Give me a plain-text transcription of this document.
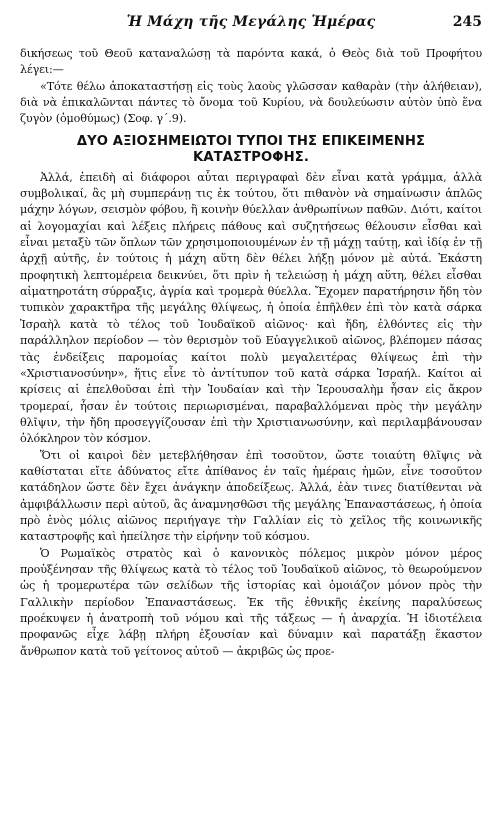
Ἡ Μάχη τῆς Μεγάλης Ἡμέρας	245

δικήσεως τοῦ Θεοῦ καταναλώσῃ τὰ παρόντα κακά, ὁ Θεὸς διὰ τοῦ Προφήτου λέγει:—

«Τότε θέλω ἀποκαταστήσῃ εἰς τοὺς λαοὺς γλῶσσαν καθαρὰν (τὴν ἀλήθειαν), διὰ νὰ ἐπικαλῶνται πάντες τὸ ὄνομα τοῦ Κυρίου, νὰ δουλεύωσιν αὐτὸν ὑπὸ ἕνα ζυγὸν (ὁμοθύμως) (Σοφ. γ΄.9).

ΔΥΟ ΑΞΙΟΣΗΜΕΙΩΤΟΙ ΤΥΠΟΙ ΤΗΣ ΕΠΙΚΕΙΜΕΝΗΣ ΚΑΤΑΣΤΡΟΦΗΣ.

Ἀλλά, ἐπειδὴ αἱ διάφοροι αὗται περιγραφαὶ δὲν εἶναι κατὰ γράμμα, ἀλλὰ συμβολικαί, ἂς μὴ συμπεράνῃ τις ἐκ τούτου, ὅτι πιθανὸν νὰ σημαίνωσιν ἁπλῶς μάχην λόγων, σεισμὸν φόβου, ἢ κοινὴν θύελλαν ἀνθρωπίνων παθῶν. Διότι, καίτοι αἱ λογομαχίαι καὶ λέξεις πλήρεις πάθους καὶ συζητήσεως θέλουσιν εἶσθαι καὶ εἶναι μεταξὺ τῶν ὅπλων τῶν χρησιμοποιουμένων ἐν τῇ μάχῃ ταύτῃ, καὶ ἰδίᾳ ἐν τῇ ἀρχῇ αὐτῆς, ἐν τούτοις ἡ μάχη αὕτη δὲν θέλει λήξῃ μόνον μὲ αὐτά. Ἑκάστη προφητικὴ λεπτομέρεια δεικνύει, ὅτι πρὶν ἡ τελειώσῃ ἡ μάχη αὕτη, θέλει εἶσθαι αἱματηροτάτη σύρραξις, ἀγρία καὶ τρομερὰ θύελλα. Ἔχομεν παρατήρησιν ἤδη τὸν τυπικὸν χαρακτῆρα τῆς μεγάλης θλίψεως, ἡ ὁποία ἐπῆλθεν ἐπὶ τὸν κατὰ σάρκα Ἰσραὴλ κατὰ τὸ τέλος τοῦ Ἰουδαϊκοῦ αἰῶνος· καὶ ἤδη, ἐλθόντες εἰς τὴν παράλληλον περίοδον — τὸν θερισμὸν τοῦ Εὐαγγελικοῦ αἰῶνος, βλέπομεν πάσας τὰς ἐνδείξεις παρομοίας καίτοι πολὺ μεγαλειτέρας θλίψεως ἐπὶ τὴν «Χριστιανοσύνην», ἥτις εἶνε τὸ ἀντίτυπον τοῦ κατὰ σάρκα Ἰσραήλ. Καίτοι αἱ κρίσεις αἱ ἐπελθοῦσαι ἐπὶ τὴν Ἰουδαίαν καὶ τὴν Ἱερουσαλὴμ ἦσαν εἰς ἄκρον τρομεραί, ἦσαν ἐν τούτοις περιωρισμέναι, παραβαλλόμεναι πρὸς τὴν μεγάλην θλῖψιν, τὴν ἤδη προσεγγίζουσαν ἐπὶ τὴν Χριστιανωσύνην, καὶ περιλαμβάνουσαν ὁλόκληρον τὸν κόσμον.

Ὅτι οἱ καιροὶ δὲν μετεβλήθησαν ἐπὶ τοσοῦτον, ὥστε τοιαύτη θλῖψις νὰ καθίσταται εἴτε ἀδύνατος εἴτε ἀπίθανος ἐν ταῖς ἡμέραις ἡμῶν, εἶνε τοσοῦτον κατάδηλον ὥστε δὲν ἔχει ἀνάγκην ἀποδείξεως. Ἀλλά, ἐὰν τινες διατίθενται νὰ ἀμφιβάλλωσιν περὶ αὐτοῦ, ἂς ἀναμνησθῶσι τῆς μεγάλης Ἐπαναστάσεως, ἡ ὁποία πρὸ ἑνὸς μόλις αἰῶνος περιήγαγε τὴν Γαλλίαν εἰς τὸ χεῖλος τῆς κοινωνικῆς καταστροφῆς καὶ ἠπείλησε τὴν εἰρήνην τοῦ κόσμου.

Ὁ Ρωμαϊκὸς στρατὸς καὶ ὁ κανονικὸς πόλεμος μικρὸν μόνον μέρος προὐξένησαν τῆς θλίψεως κατὰ τὸ τέλος τοῦ Ἰουδαϊκοῦ αἰῶνος, τὸ θεωρούμενον ὡς ἡ τρομερωτέρα τῶν σελίδων τῆς ἱστορίας καὶ ὁμοιάζον μόνον πρὸς τὴν Γαλλικὴν περίοδον Ἐπαναστάσεως. Ἐκ τῆς ἐθνικῆς ἐκείνης παραλύσεως προέκυψεν ἡ ἀνατροπὴ τοῦ νόμου καὶ τῆς τάξεως — ἡ ἀναρχία. Ἡ ἰδιοτέλεια προφανῶς εἶχε λάβῃ πλήρη ἐξουσίαν καὶ δύναμιν καὶ παρατάξῃ ἕκαστον ἄνθρωπον κατὰ τοῦ γείτονος αὐτοῦ — ἀκριβῶς ὡς προε-
